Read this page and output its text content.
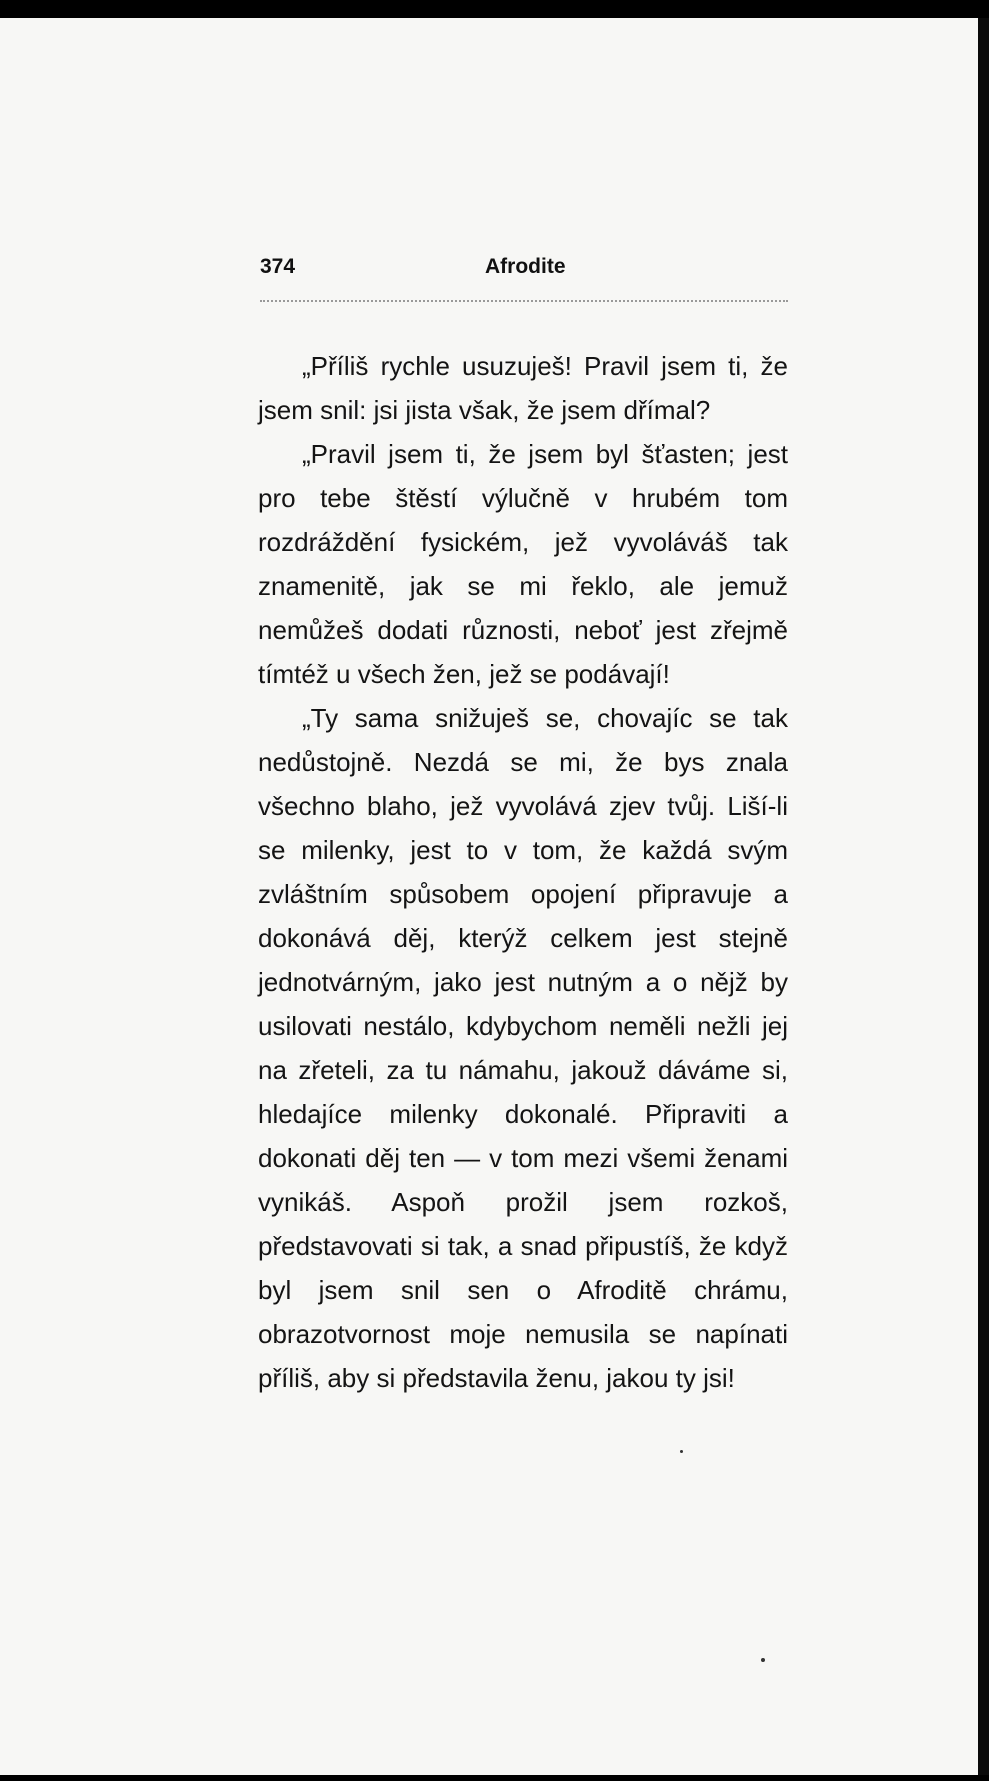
374	Afrodite

„Příliš rychle usuzuješ! Pravil jsem ti, že jsem snil: jsi jista však, že jsem dřímal?

„Pravil jsem ti, že jsem byl šťasten; jest pro tebe štěstí výlučně v hrubém tom rozdráždění fysickém, jež vyvoláváš tak znamenitě, jak se mi řeklo, ale jemuž nemůžeš dodati různosti, neboť jest zřejmě tímtéž u všech žen, jež se podávají!

„Ty sama snižuješ se, chovajíc se tak nedůstojně. Nezdá se mi, že bys znala všechno blaho, jež vyvolává zjev tvůj. Liší-li se milenky, jest to v tom, že každá svým zvláštním spůsobem opojení připravuje a dokonává děj, kterýž celkem jest stejně jednotvárným, jako jest nutným a o nějž by usilovati nestálo, kdybychom neměli nežli jej na zřeteli, za tu námahu, jakouž dáváme si, hledajíce milenky dokonalé. Připraviti a dokonati děj ten — v tom mezi všemi ženami vynikáš. Aspoň prožil jsem rozkoš, představovati si tak, a snad připustíš, že když byl jsem snil sen o Afroditě chrámu, obrazotvornost moje nemusila se napínati příliš, aby si představila ženu, jakou ty jsi!
